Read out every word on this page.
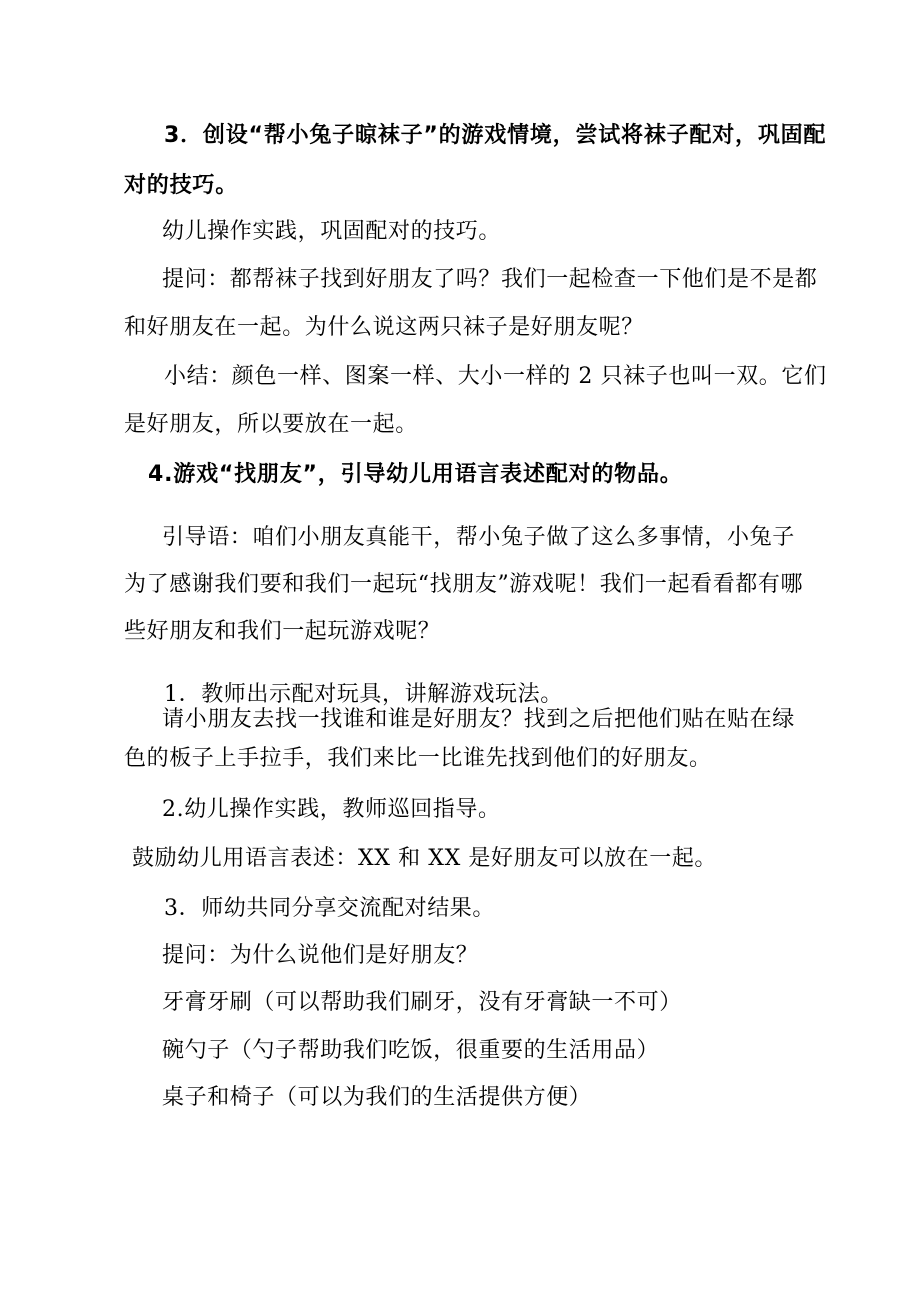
3．创设“帮小兔子晾袜子”的游戏情境，尝试将袜子配对，巩固配
对的技巧。
幼儿操作实践，巩固配对的技巧。
提问：都帮袜子找到好朋友了吗？我们一起检查一下他们是不是都
和好朋友在一起。为什么说这两只袜子是好朋友呢？
小结：颜色一样、图案一样、大小一样的 2 只袜子也叫一双。它们
是好朋友，所以要放在一起。
4.游戏“找朋友”，引导幼儿用语言表述配对的物品。
引导语：咱们小朋友真能干，帮小兔子做了这么多事情，小兔子
为了感谢我们要和我们一起玩“找朋友”游戏呢！我们一起看看都有哪
些好朋友和我们一起玩游戏呢？
1．教师出示配对玩具，讲解游戏玩法。
请小朋友去找一找谁和谁是好朋友？找到之后把他们贴在贴在绿
色的板子上手拉手，我们来比一比谁先找到他们的好朋友。
2.幼儿操作实践，教师巡回指导。
鼓励幼儿用语言表述：XX 和 XX 是好朋友可以放在一起。
3．师幼共同分享交流配对结果。
提问：为什么说他们是好朋友？
牙膏牙刷（可以帮助我们刷牙，没有牙膏缺一不可）
碗勺子（勺子帮助我们吃饭，很重要的生活用品）
桌子和椅子（可以为我们的生活提供方便）
